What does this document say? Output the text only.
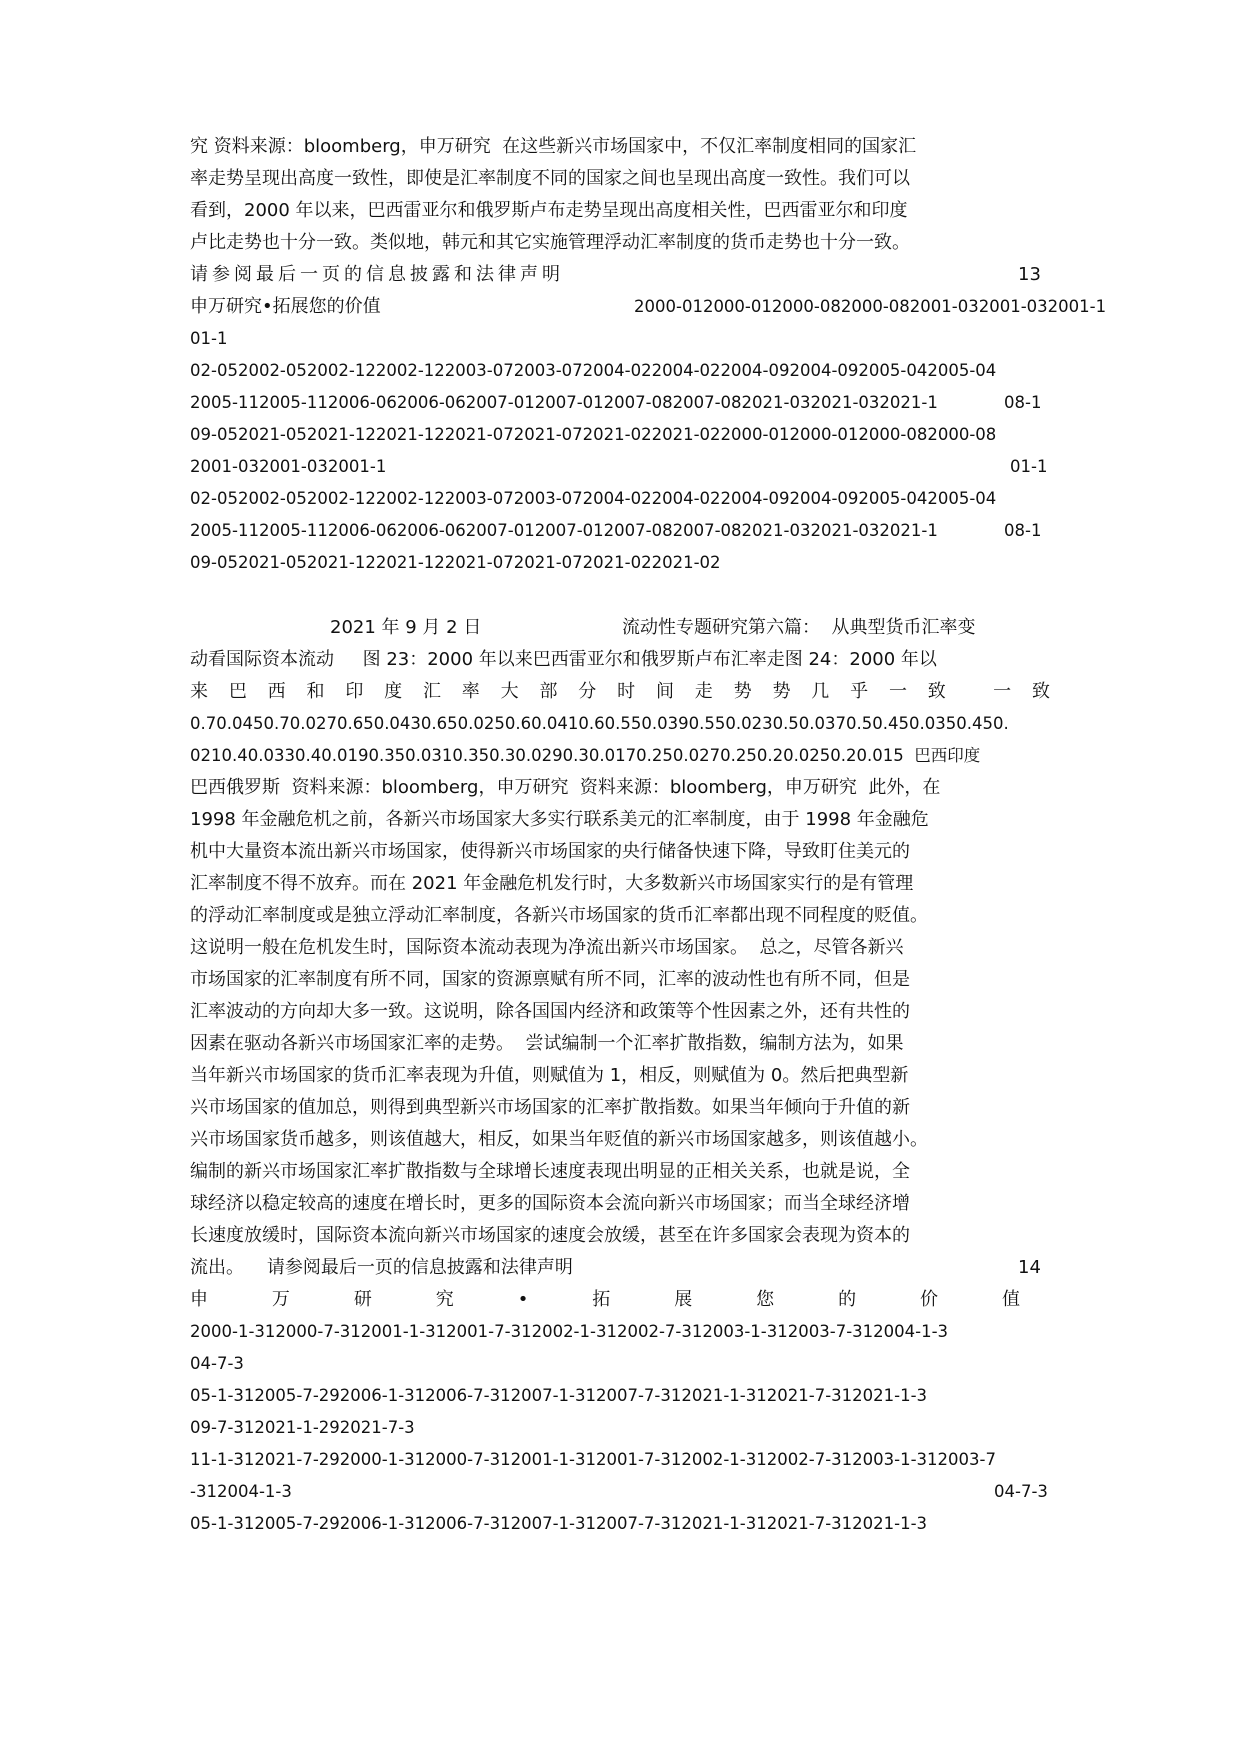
究 资料来源：bloomberg，申万研究  在这些新兴市场国家中，不仅汇率制度相同的国家汇
率走势呈现出高度一致性，即使是汇率制度不同的国家之间也呈现出高度一致性。我们可以
看到，2000 年以来，巴西雷亚尔和俄罗斯卢布走势呈现出高度相关性，巴西雷亚尔和印度
卢比走势也十分一致。类似地，韩元和其它实施管理浮动汇率制度的货币走势也十分一致。
请参阅最后一页的信息披露和法律声明	13
申万研究•拓展您的价值	2000-012000-012000-082000-082001-032001-032001-1
01-1
02-052002-052002-122002-122003-072003-072004-022004-022004-092004-092005-042005-04
2005-112005-112006-062006-062007-012007-012007-082007-082021-032021-032021-1	08-1
09-052021-052021-122021-122021-072021-072021-022021-022000-012000-012000-082000-08
2001-032001-032001-1	01-1
02-052002-052002-122002-122003-072003-072004-022004-022004-092004-092005-042005-04
2005-112005-112006-062006-062007-012007-012007-082007-082021-032021-032021-1	08-1
09-052021-052021-122021-122021-072021-072021-022021-02
2021 年 9 月 2 日	流动性专题研究第六篇：  从典型货币汇率变
动看国际资本流动     图 23：2000 年以来巴西雷亚尔和俄罗斯卢布汇率走图 24：2000 年以
来巴西和印度汇率大部分时间走势势几乎一致 一致
0.70.0450.70.0270.650.0430.650.0250.60.0410.60.550.0390.550.0230.50.0370.50.450.0350.450.
0210.40.0330.40.0190.350.0310.350.30.0290.30.0170.250.0270.250.20.0250.20.015  巴西印度
巴西俄罗斯  资料来源：bloomberg，申万研究  资料来源：bloomberg，申万研究  此外，在
1998 年金融危机之前，各新兴市场国家大多实行联系美元的汇率制度，由于 1998 年金融危
机中大量资本流出新兴市场国家，使得新兴市场国家的央行储备快速下降，导致盯住美元的
汇率制度不得不放弃。而在 2021 年金融危机发行时，大多数新兴市场国家实行的是有管理
的浮动汇率制度或是独立浮动汇率制度，各新兴市场国家的货币汇率都出现不同程度的贬值。
这说明一般在危机发生时，国际资本流动表现为净流出新兴市场国家。  总之，尽管各新兴
市场国家的汇率制度有所不同，国家的资源禀赋有所不同，汇率的波动性也有所不同，但是
汇率波动的方向却大多一致。这说明，除各国国内经济和政策等个性因素之外，还有共性的
因素在驱动各新兴市场国家汇率的走势。  尝试编制一个汇率扩散指数，编制方法为，如果
当年新兴市场国家的货币汇率表现为升值，则赋值为 1，相反，则赋值为 0。然后把典型新
兴市场国家的值加总，则得到典型新兴市场国家的汇率扩散指数。如果当年倾向于升值的新
兴市场国家货币越多，则该值越大，相反，如果当年贬值的新兴市场国家越多，则该值越小。
编制的新兴市场国家汇率扩散指数与全球增长速度表现出明显的正相关关系，也就是说，全
球经济以稳定较高的速度在增长时，更多的国际资本会流向新兴市场国家；而当全球经济增
长速度放缓时，国际资本流向新兴市场国家的速度会放缓，甚至在许多国家会表现为资本的
流出。    请参阅最后一页的信息披露和法律声明	14
申万研究•拓展您的价值
2000-1-312000-7-312001-1-312001-7-312002-1-312002-7-312003-1-312003-7-312004-1-3
04-7-3
05-1-312005-7-292006-1-312006-7-312007-1-312007-7-312021-1-312021-7-312021-1-3
09-7-312021-1-292021-7-3
11-1-312021-7-292000-1-312000-7-312001-1-312001-7-312002-1-312002-7-312003-1-312003-7
-312004-1-3	04-7-3
05-1-312005-7-292006-1-312006-7-312007-1-312007-7-312021-1-312021-7-312021-1-3
